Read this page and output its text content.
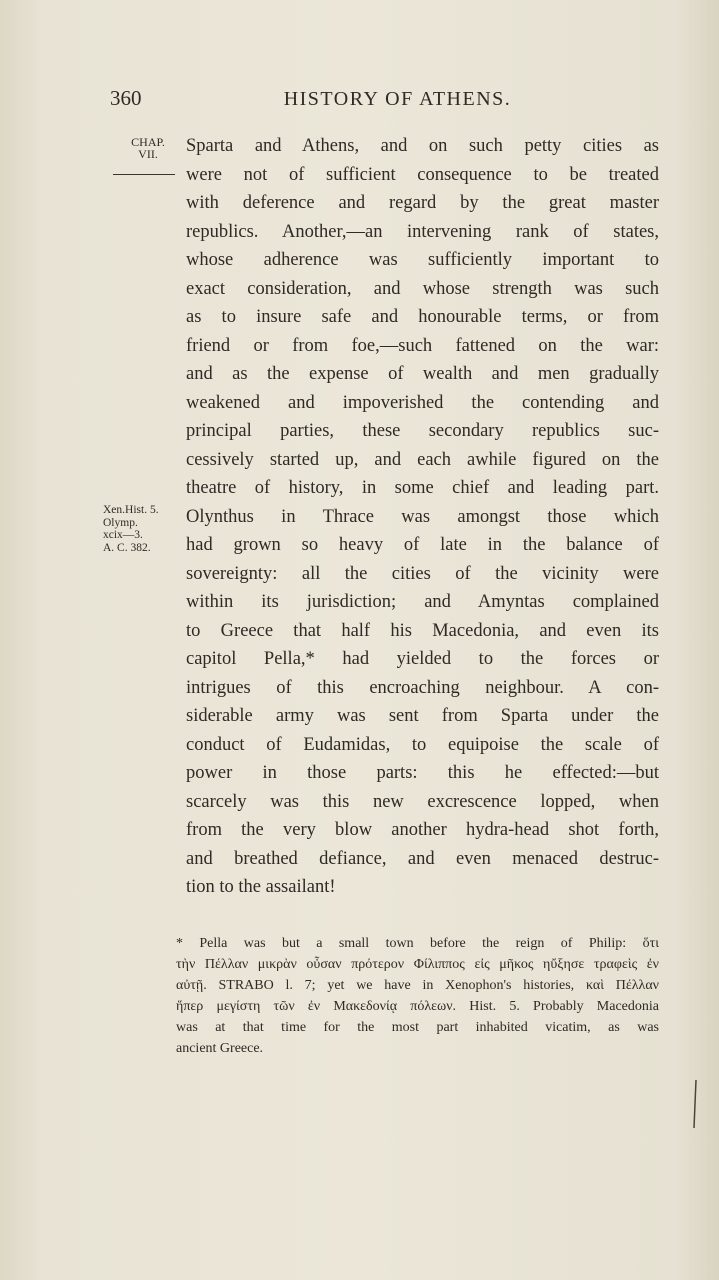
360	HISTORY OF ATHENS.
CHAP.
VII.
Xen.Hist. 5.
Olymp.
xcix—3.
A. C. 382.
Sparta and Athens, and on such petty cities as
were not of sufficient consequence to be treated
with deference and regard by the great master
republics. Another,—an intervening rank of states,
whose adherence was sufficiently important to
exact consideration, and whose strength was such
as to insure safe and honourable terms, or from
friend or from foe,—such fattened on the war:
and as the expense of wealth and men gradually
weakened and impoverished the contending and
principal parties, these secondary republics suc-
cessively started up, and each awhile figured on the
theatre of history, in some chief and leading part.
Olynthus in Thrace was amongst those which
had grown so heavy of late in the balance of
sovereignty: all the cities of the vicinity were
within its jurisdiction; and Amyntas complained
to Greece that half his Macedonia, and even its
capitol Pella,* had yielded to the forces or
intrigues of this encroaching neighbour. A con-
siderable army was sent from Sparta under the
conduct of Eudamidas, to equipoise the scale of
power in those parts: this he effected:—but
scarcely was this new excrescence lopped, when
from the very blow another hydra-head shot forth,
and breathed defiance, and even menaced destruc-
tion to the assailant!
* Pella was but a small town before the reign of Philip: ὅτι
τὴν Πέλλαν μικρὰν οὖσαν πρότερον Φίλιππος εἰς μῆκος ηὔξησε τραφεὶς ἐν
αὐτῇ. STRABO l. 7; yet we have in Xenophon's histories, καὶ Πέλλαν
ἥπερ μεγίστη τῶν ἐν Μακεδονίᾳ πόλεων. Hist. 5. Probably Macedonia
was at that time for the most part inhabited vicatim, as was
ancient Greece.
